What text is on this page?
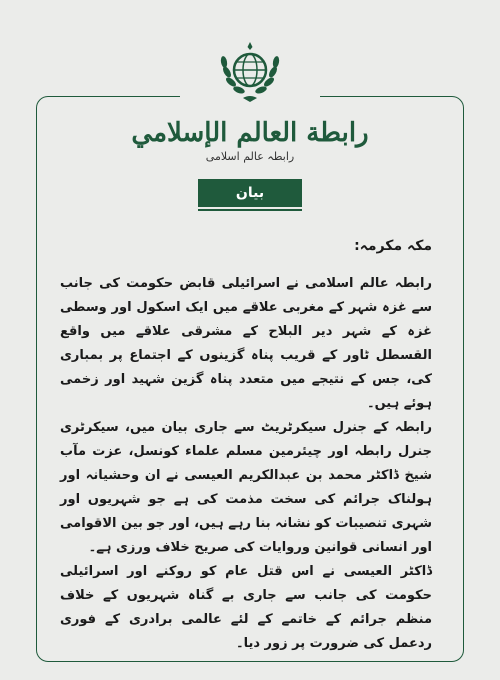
رابطة العالم الإسلامي
رابطہ عالم اسلامی
بیان

مکہ مکرمہ:

رابطہ عالم اسلامی نے اسرائیلی قابض حکومت کی جانب سے غزہ شہر کے مغربی علاقے میں ایک اسکول اور وسطی غزہ کے شہر دیر البلاح کے مشرقی علاقے میں واقع القسطل ٹاور کے قریب پناہ گزینوں کے اجتماع پر بمباری کی، جس کے نتیجے میں متعدد پناہ گزین شہید اور زخمی ہوئے ہیں۔

رابطہ کے جنرل سیکرٹریٹ سے جاری بیان میں، سیکرٹری جنرل رابطہ اور چیئرمین مسلم علماء کونسل، عزت مآب شیخ ڈاکٹر محمد بن عبدالکریم العیسی نے ان وحشیانہ اور ہولناک جرائم کی سخت مذمت کی ہے جو شہریوں اور شہری تنصیبات کو نشانہ بنا رہے ہیں، اور جو بین الاقوامی اور انسانی قوانین وروایات کی صریح خلاف ورزی ہے۔

ڈاکٹر العیسی نے اس قتل عام کو روکنے اور اسرائیلی حکومت کی جانب سے جاری بے گناہ شہریوں کے خلاف منظم جرائم کے خاتمے کے لئے عالمی برادری کے فوری ردعمل کی ضرورت پر زور دیا۔
